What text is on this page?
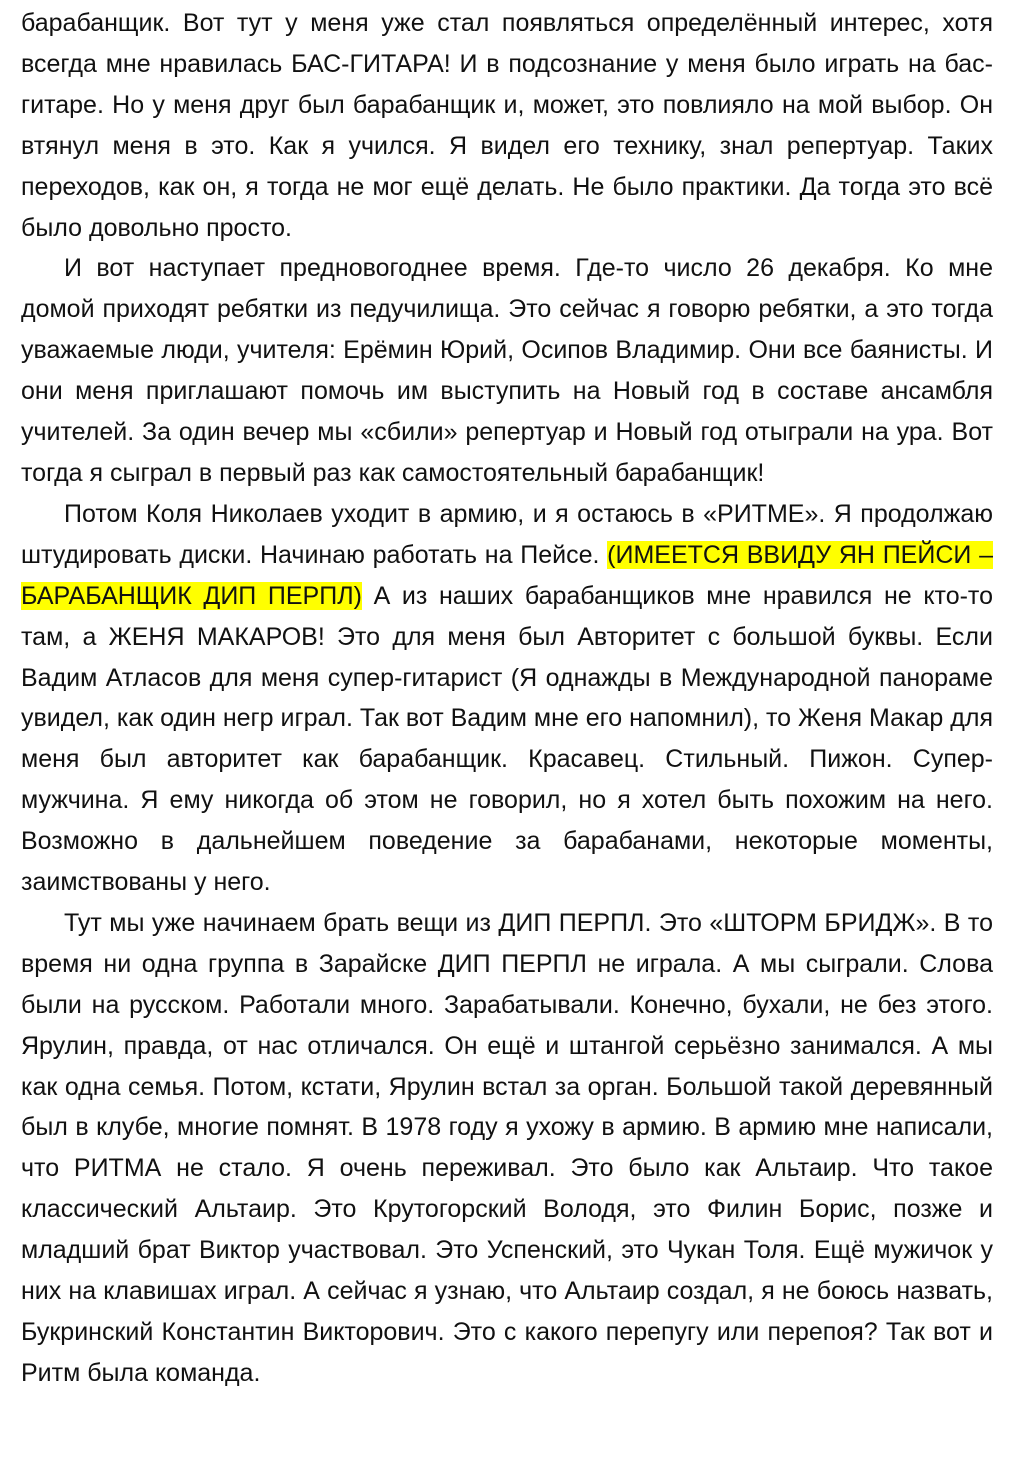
барабанщик. Вот тут у меня уже стал появляться определённый интерес, хотя всегда мне нравилась БАС-ГИТАРА! И в подсознание у меня было играть на бас-гитаре. Но у меня друг был барабанщик и, может, это повлияло на мой выбор. Он втянул меня в это. Как я учился. Я видел его технику, знал репертуар. Таких переходов, как он, я тогда не мог ещё делать. Не было практики. Да тогда это всё было довольно просто.

И вот наступает предновогоднее время. Где-то число 26 декабря. Ко мне домой приходят ребятки из педучилища. Это сейчас я говорю ребятки, а это тогда уважаемые люди, учителя: Ерёмин Юрий, Осипов Владимир. Они все баянисты. И они меня приглашают помочь им выступить на Новый год в составе ансамбля учителей. За один вечер мы «сбили» репертуар и Новый год отыграли на ура. Вот тогда я сыграл в первый раз как самостоятельный барабанщик!

Потом Коля Николаев уходит в армию, и я остаюсь в «РИТМЕ». Я продолжаю штудировать диски. Начинаю работать на Пейсе. (ИМЕЕТСЯ ВВИДУ ЯН ПЕЙСИ – БАРАБАНЩИК ДИП ПЕРПЛ) А из наших барабанщиков мне нравился не кто-то там, а ЖЕНЯ МАКАРОВ! Это для меня был Авторитет с большой буквы. Если Вадим Атласов для меня супер-гитарист (Я однажды в Международной панораме увидел, как один негр играл. Так вот Вадим мне его напомнил), то Женя Макар для меня был авторитет как барабанщик. Красавец. Стильный. Пижон. Супер-мужчина. Я ему никогда об этом не говорил, но я хотел быть похожим на него. Возможно в дальнейшем поведение за барабанами, некоторые моменты, заимствованы у него.

Тут мы уже начинаем брать вещи из ДИП ПЕРПЛ. Это «ШТОРМ БРИДЖ». В то время ни одна группа в Зарайске ДИП ПЕРПЛ не играла. А мы сыграли. Слова были на русском. Работали много. Зарабатывали. Конечно, бухали, не без этого. Ярулин, правда, от нас отличался. Он ещё и штангой серьёзно занимался. А мы как одна семья. Потом, кстати, Ярулин встал за орган. Большой такой деревянный был в клубе, многие помнят. В 1978 году я ухожу в армию. В армию мне написали, что РИТМА не стало. Я очень переживал. Это было как Альтаир. Что такое классический Альтаир. Это Крутогорский Володя, это Филин Борис, позже и младший брат Виктор участвовал. Это Успенский, это Чукан Толя. Ещё мужичок у них на клавишах играл. А сейчас я узнаю, что Альтаир создал, я не боюсь назвать, Букринский Константин Викторович. Это с какого перепугу или перепоя? Так вот и Ритм была команда.
